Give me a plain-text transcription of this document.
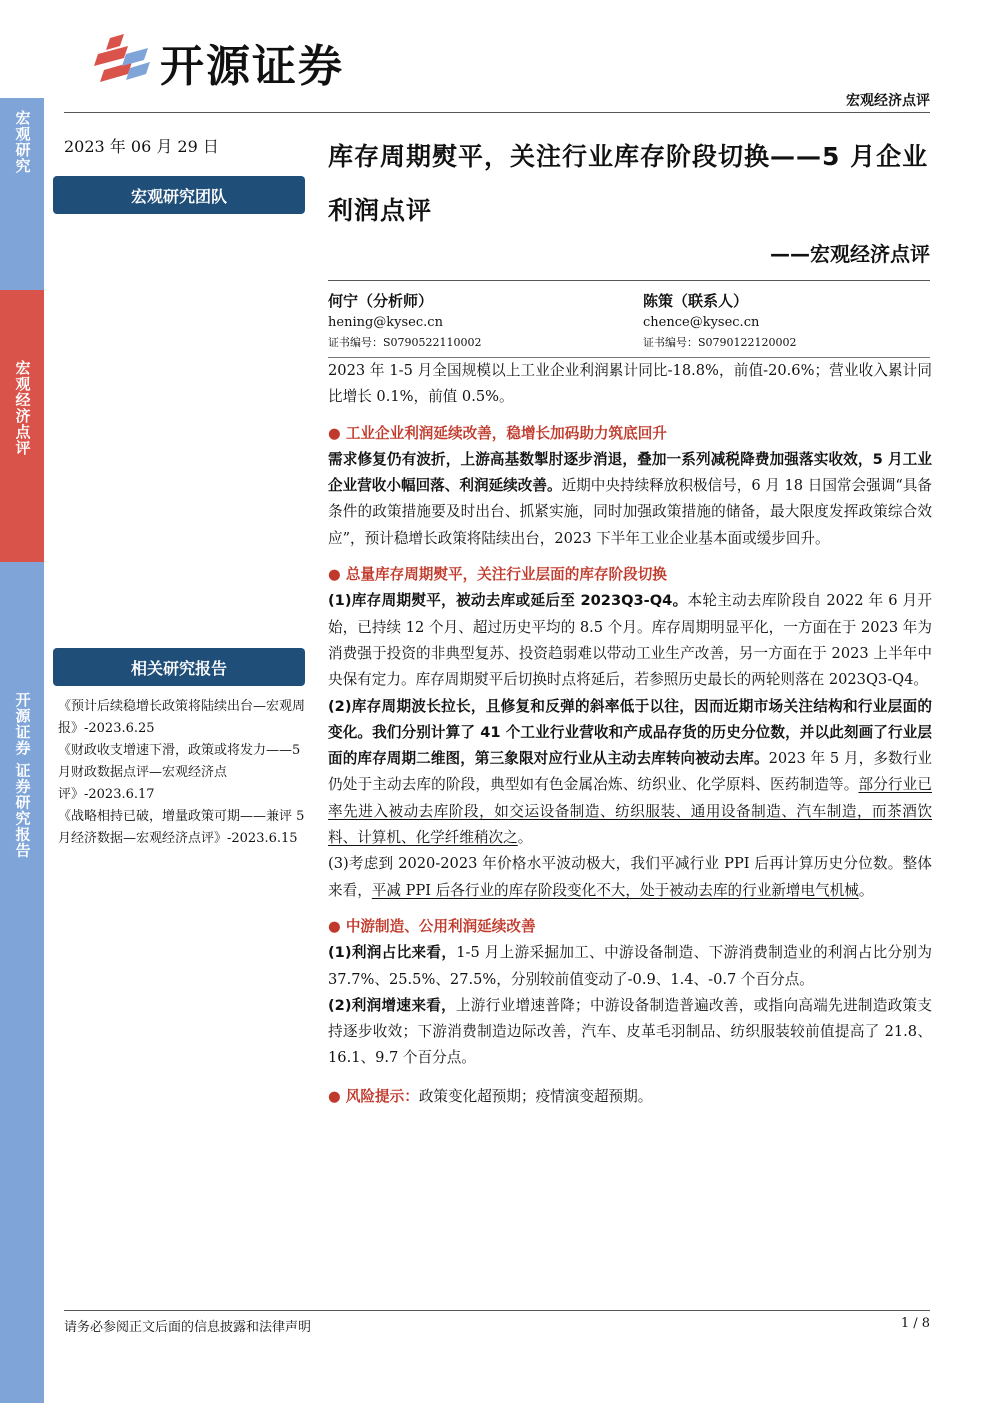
宏观研究
宏观经济点评
开源证券 证券研究报告
开源证券
宏观经济点评
2023 年 06 月 29 日
宏观研究团队
相关研究报告
《预计后续稳增长政策将陆续出台—宏观周报》-2023.6.25
《财政收支增速下滑，政策或将发力——5 月财政数据点评—宏观经济点评》-2023.6.17
《战略相持已破，增量政策可期——兼评 5 月经济数据—宏观经济点评》-2023.6.15
库存周期熨平，关注行业库存阶段切换——5 月企业利润点评
——宏观经济点评
何宁（分析师）
hening@kysec.cn
证书编号：S0790522110002
陈策（联系人）
chence@kysec.cn
证书编号：S0790122120002

2023 年 1-5 月全国规模以上工业企业利润累计同比-18.8%，前值-20.6%；营业收入累计同比增长 0.1%，前值 0.5%。

● 工业企业利润延续改善，稳增长加码助力筑底回升

需求修复仍有波折，上游高基数掣肘逐步消退，叠加一系列减税降费加强落实收效，5 月工业企业营收小幅回落、利润延续改善。近期中央持续释放积极信号，6 月 18 日国常会强调“具备条件的政策措施要及时出台、抓紧实施，同时加强政策措施的储备，最大限度发挥政策综合效应”，预计稳增长政策将陆续出台，2023 下半年工业企业基本面或缓步回升。

● 总量库存周期熨平，关注行业层面的库存阶段切换

(1)库存周期熨平，被动去库或延后至 2023Q3-Q4。本轮主动去库阶段自 2022 年 6 月开始，已持续 12 个月、超过历史平均的 8.5 个月。库存周期明显平化，一方面在于 2023 年为消费强于投资的非典型复苏、投资趋弱难以带动工业生产改善，另一方面在于 2023 上半年中央保有定力。库存周期熨平后切换时点将延后，若参照历史最长的两轮则落在 2023Q3-Q4。

(2)库存周期波长拉长，且修复和反弹的斜率低于以往，因而近期市场关注结构和行业层面的变化。我们分别计算了 41 个工业行业营收和产成品存货的历史分位数，并以此刻画了行业层面的库存周期二维图，第三象限对应行业从主动去库转向被动去库。2023 年 5 月，多数行业仍处于主动去库的阶段，典型如有色金属冶炼、纺织业、化学原料、医药制造等。部分行业已率先进入被动去库阶段，如交运设备制造、纺织服装、通用设备制造、汽车制造，而茶酒饮料、计算机、化学纤维稍次之。

(3)考虑到 2020-2023 年价格水平波动极大，我们平减行业 PPI 后再计算历史分位数。整体来看，平减 PPI 后各行业的库存阶段变化不大，处于被动去库的行业新增电气机械。

● 中游制造、公用利润延续改善

(1)利润占比来看，1-5 月上游采掘加工、中游设备制造、下游消费制造业的利润占比分别为 37.7%、25.5%、27.5%，分别较前值变动了-0.9、1.4、-0.7 个百分点。

(2)利润增速来看，上游行业增速普降；中游设备制造普遍改善，或指向高端先进制造政策支持逐步收效；下游消费制造边际改善，汽车、皮革毛羽制品、纺织服装较前值提高了 21.8、16.1、9.7 个百分点。

● 风险提示：政策变化超预期；疫情演变超预期。

请务必参阅正文后面的信息披露和法律声明	1 / 8
